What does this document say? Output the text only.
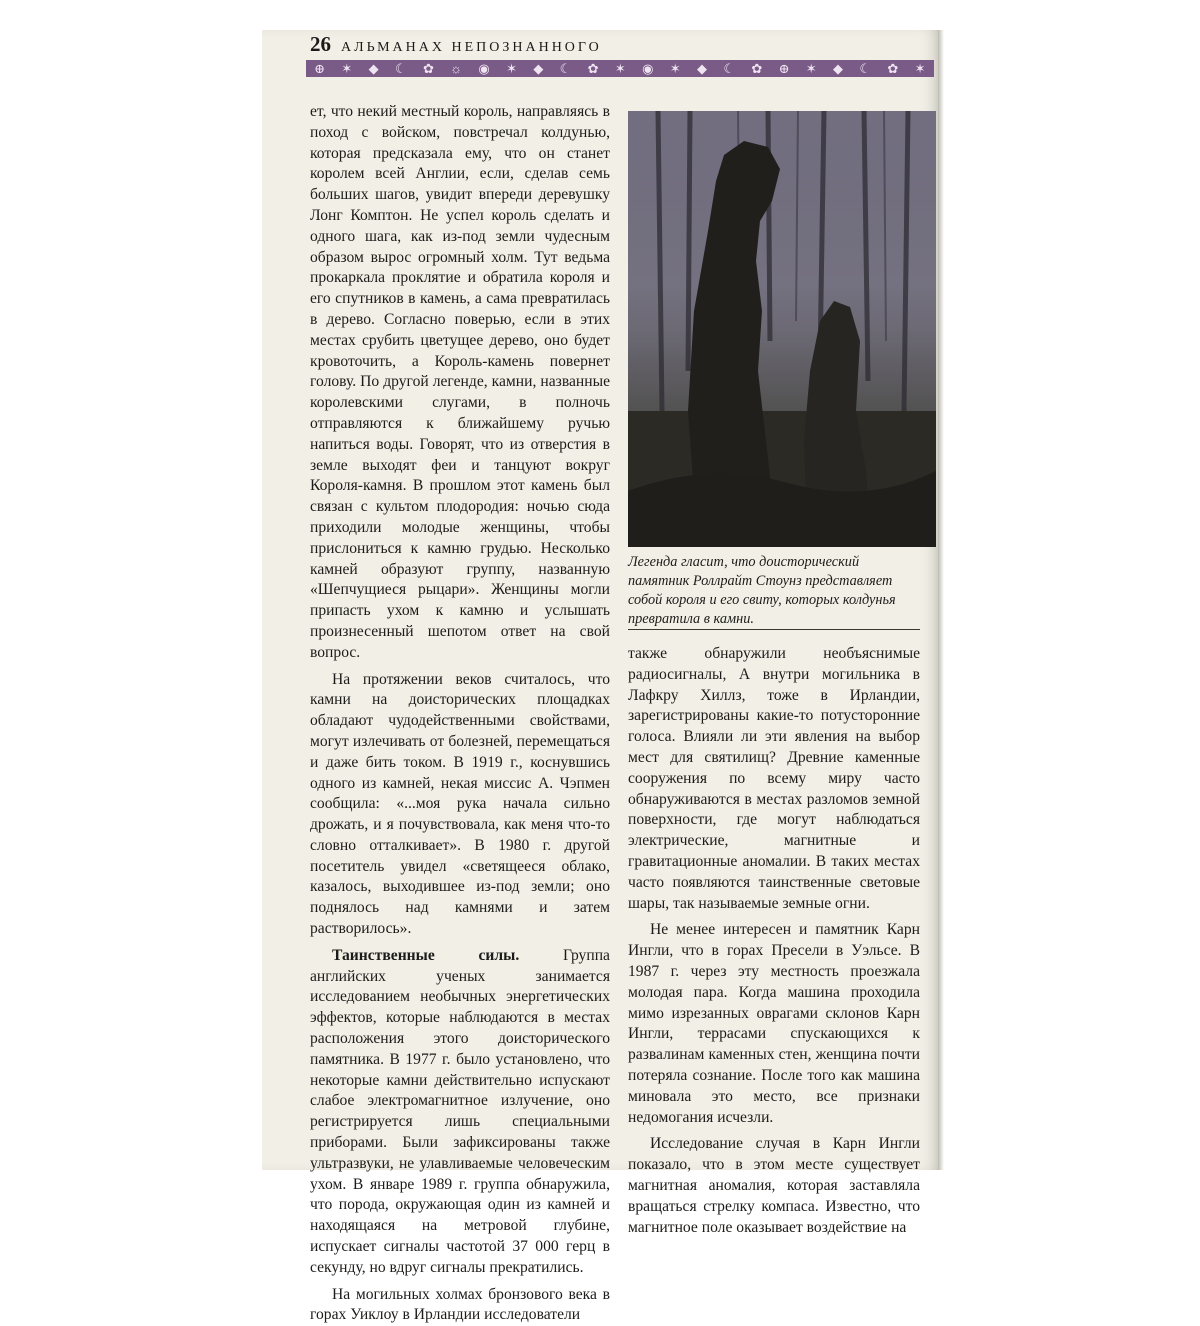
26 АЛЬМАНАХ НЕПОЗНАННОГО
⊕ ✶ ◆ ☾ ✿ ☼ ◉ ✶ ◆ ☾ ✿ ✶ ◉ ✶ ◆ ☾ ✿ ⊕ ✶ ◆ ☾ ✿ ✶

ет, что некий местный король, направляясь в поход с войском, повстречал колдунью, которая предсказала ему, что он станет королем всей Англии, если, сделав семь больших шагов, увидит впереди деревушку Лонг Комптон. Не успел король сделать и одного шага, как из-под земли чудесным образом вырос огромный холм. Тут ведьма прокаркала проклятие и обратила короля и его спутников в камень, а сама превратилась в дерево. Согласно поверью, если в этих местах срубить цветущее дерево, оно будет кровоточить, а Король-камень повернет голову. По другой легенде, камни, названные королевскими слугами, в полночь отправляются к ближайшему ручью напиться воды. Говорят, что из отверстия в земле выходят феи и танцуют вокруг Короля-камня. В прошлом этот камень был связан с культом плодородия: ночью сюда приходили молодые женщины, чтобы прислониться к камню грудью. Несколько камней образуют группу, названную «Шепчущиеся рыцари». Женщины могли припасть ухом к камню и услышать произнесенный шепотом ответ на свой вопрос.

На протяжении веков считалось, что камни на доисторических площадках обладают чудодейственными свойствами, могут излечивать от болезней, перемещаться и даже бить током. В 1919 г., коснувшись одного из камней, некая миссис А. Чэпмен сообщила: «...моя рука начала сильно дрожать, и я почувствовала, как меня что-то словно отталкивает». В 1980 г. другой посетитель увидел «светящееся облако, казалось, выходившее из-под земли; оно поднялось над камнями и затем растворилось».

Таинственные силы.	Группа английских ученых занимается исследованием необычных энергетических эффектов, которые наблюдаются в местах расположения этого доисторического памятника. В 1977 г. было установлено, что некоторые камни действительно испускают слабое электромагнитное излучение, оно регистрируется лишь специальными приборами. Были зафиксированы также ультразвуки, не улавливаемые человеческим ухом. В январе 1989 г. группа обнаружила, что порода, окружающая один из камней и находящаяся на метровой глубине, испускает сигналы частотой 37 000 герц в секунду, но вдруг сигналы прекратились.

На могильных холмах бронзового века в горах Уиклоу в Ирландии исследователи

Легенда гласит, что доисторический памятник Роллрайт Стоунз представляет собой короля и его свиту, которых колдунья превратила в камни.

также обнаружили необъяснимые радиосигналы, А внутри могильника в Лафкру Хиллз, тоже в Ирландии, зарегистрированы какие-то потусторонние голоса. Влияли ли эти явления на выбор мест для святилищ? Древние каменные сооружения по всему миру часто обнаруживаются в местах разломов земной поверхности, где могут наблюдаться электрические, магнитные и гравитационные аномалии. В таких местах часто появляются таинственные световые шары, так называемые земные огни.

Не менее интересен и памятник Карн Ингли, что в горах Пресели в Уэльсе. В 1987 г. через эту местность проезжала молодая пара. Когда машина проходила мимо изрезанных оврагами склонов Карн Ингли, террасами спускающихся к развалинам каменных стен, женщина почти потеряла сознание. После того как машина миновала это место, все признаки недомогания исчезли.

Исследование случая в Карн Ингли показало, что в этом месте существует магнитная аномалия, которая заставляла вращаться стрелку компаса. Известно, что магнитное поле оказывает воздействие на
